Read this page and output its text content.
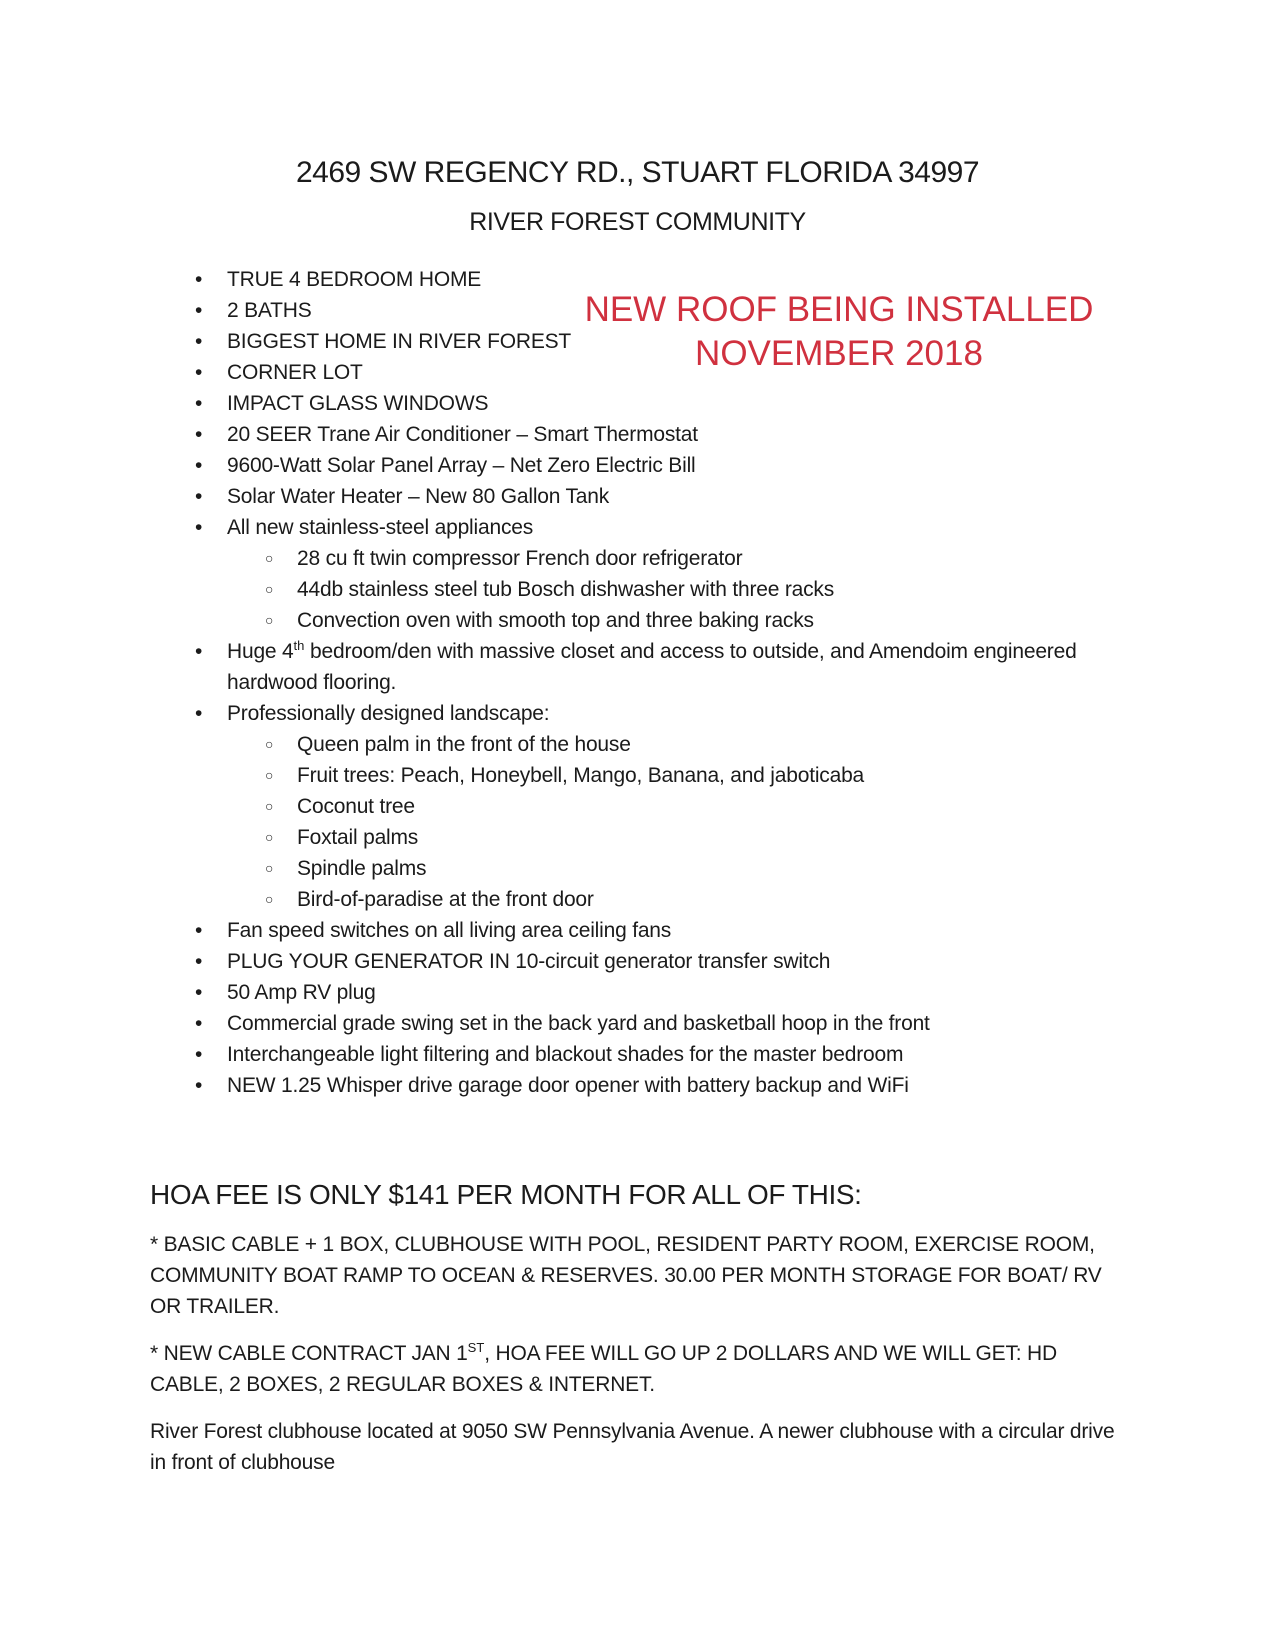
2469 SW REGENCY RD., STUART FLORIDA 34997
RIVER FOREST COMMUNITY
• TRUE 4 BEDROOM HOME
• 2 BATHS
• BIGGEST HOME IN RIVER FOREST
• CORNER LOT
• IMPACT GLASS WINDOWS
• 20 SEER Trane Air Conditioner – Smart Thermostat
• 9600-Watt Solar Panel Array – Net Zero Electric Bill
• Solar Water Heater – New 80 Gallon Tank
• All new stainless-steel appliances
○ 28 cu ft twin compressor French door refrigerator
○ 44db stainless steel tub Bosch dishwasher with three racks
○ Convection oven with smooth top and three baking racks
• Huge 4th bedroom/den with massive closet and access to outside, and Amendoim engineered hardwood flooring.
• Professionally designed landscape:
○ Queen palm in the front of the house
○ Fruit trees: Peach, Honeybell, Mango, Banana, and jaboticaba
○ Coconut tree
○ Foxtail palms
○ Spindle palms
○ Bird-of-paradise at the front door
• Fan speed switches on all living area ceiling fans
• PLUG YOUR GENERATOR IN 10-circuit generator transfer switch
• 50 Amp RV plug
• Commercial grade swing set in the back yard and basketball hoop in the front
• Interchangeable light filtering and blackout shades for the master bedroom
• NEW 1.25 Whisper drive garage door opener with battery backup and WiFi
HOA FEE IS ONLY $141 PER MONTH FOR ALL OF THIS:

* BASIC CABLE + 1 BOX, CLUBHOUSE WITH POOL, RESIDENT PARTY ROOM, EXERCISE ROOM, COMMUNITY BOAT RAMP TO OCEAN & RESERVES. 30.00 PER MONTH STORAGE FOR BOAT/ RV OR TRAILER.

* NEW CABLE CONTRACT JAN 1ST, HOA FEE WILL GO UP 2 DOLLARS AND WE WILL GET: HD CABLE, 2 BOXES, 2 REGULAR BOXES & INTERNET.

River Forest clubhouse located at 9050 SW Pennsylvania Avenue. A newer clubhouse with a circular drive in front of clubhouse

NEW ROOF BEING INSTALLED
NOVEMBER 2018
